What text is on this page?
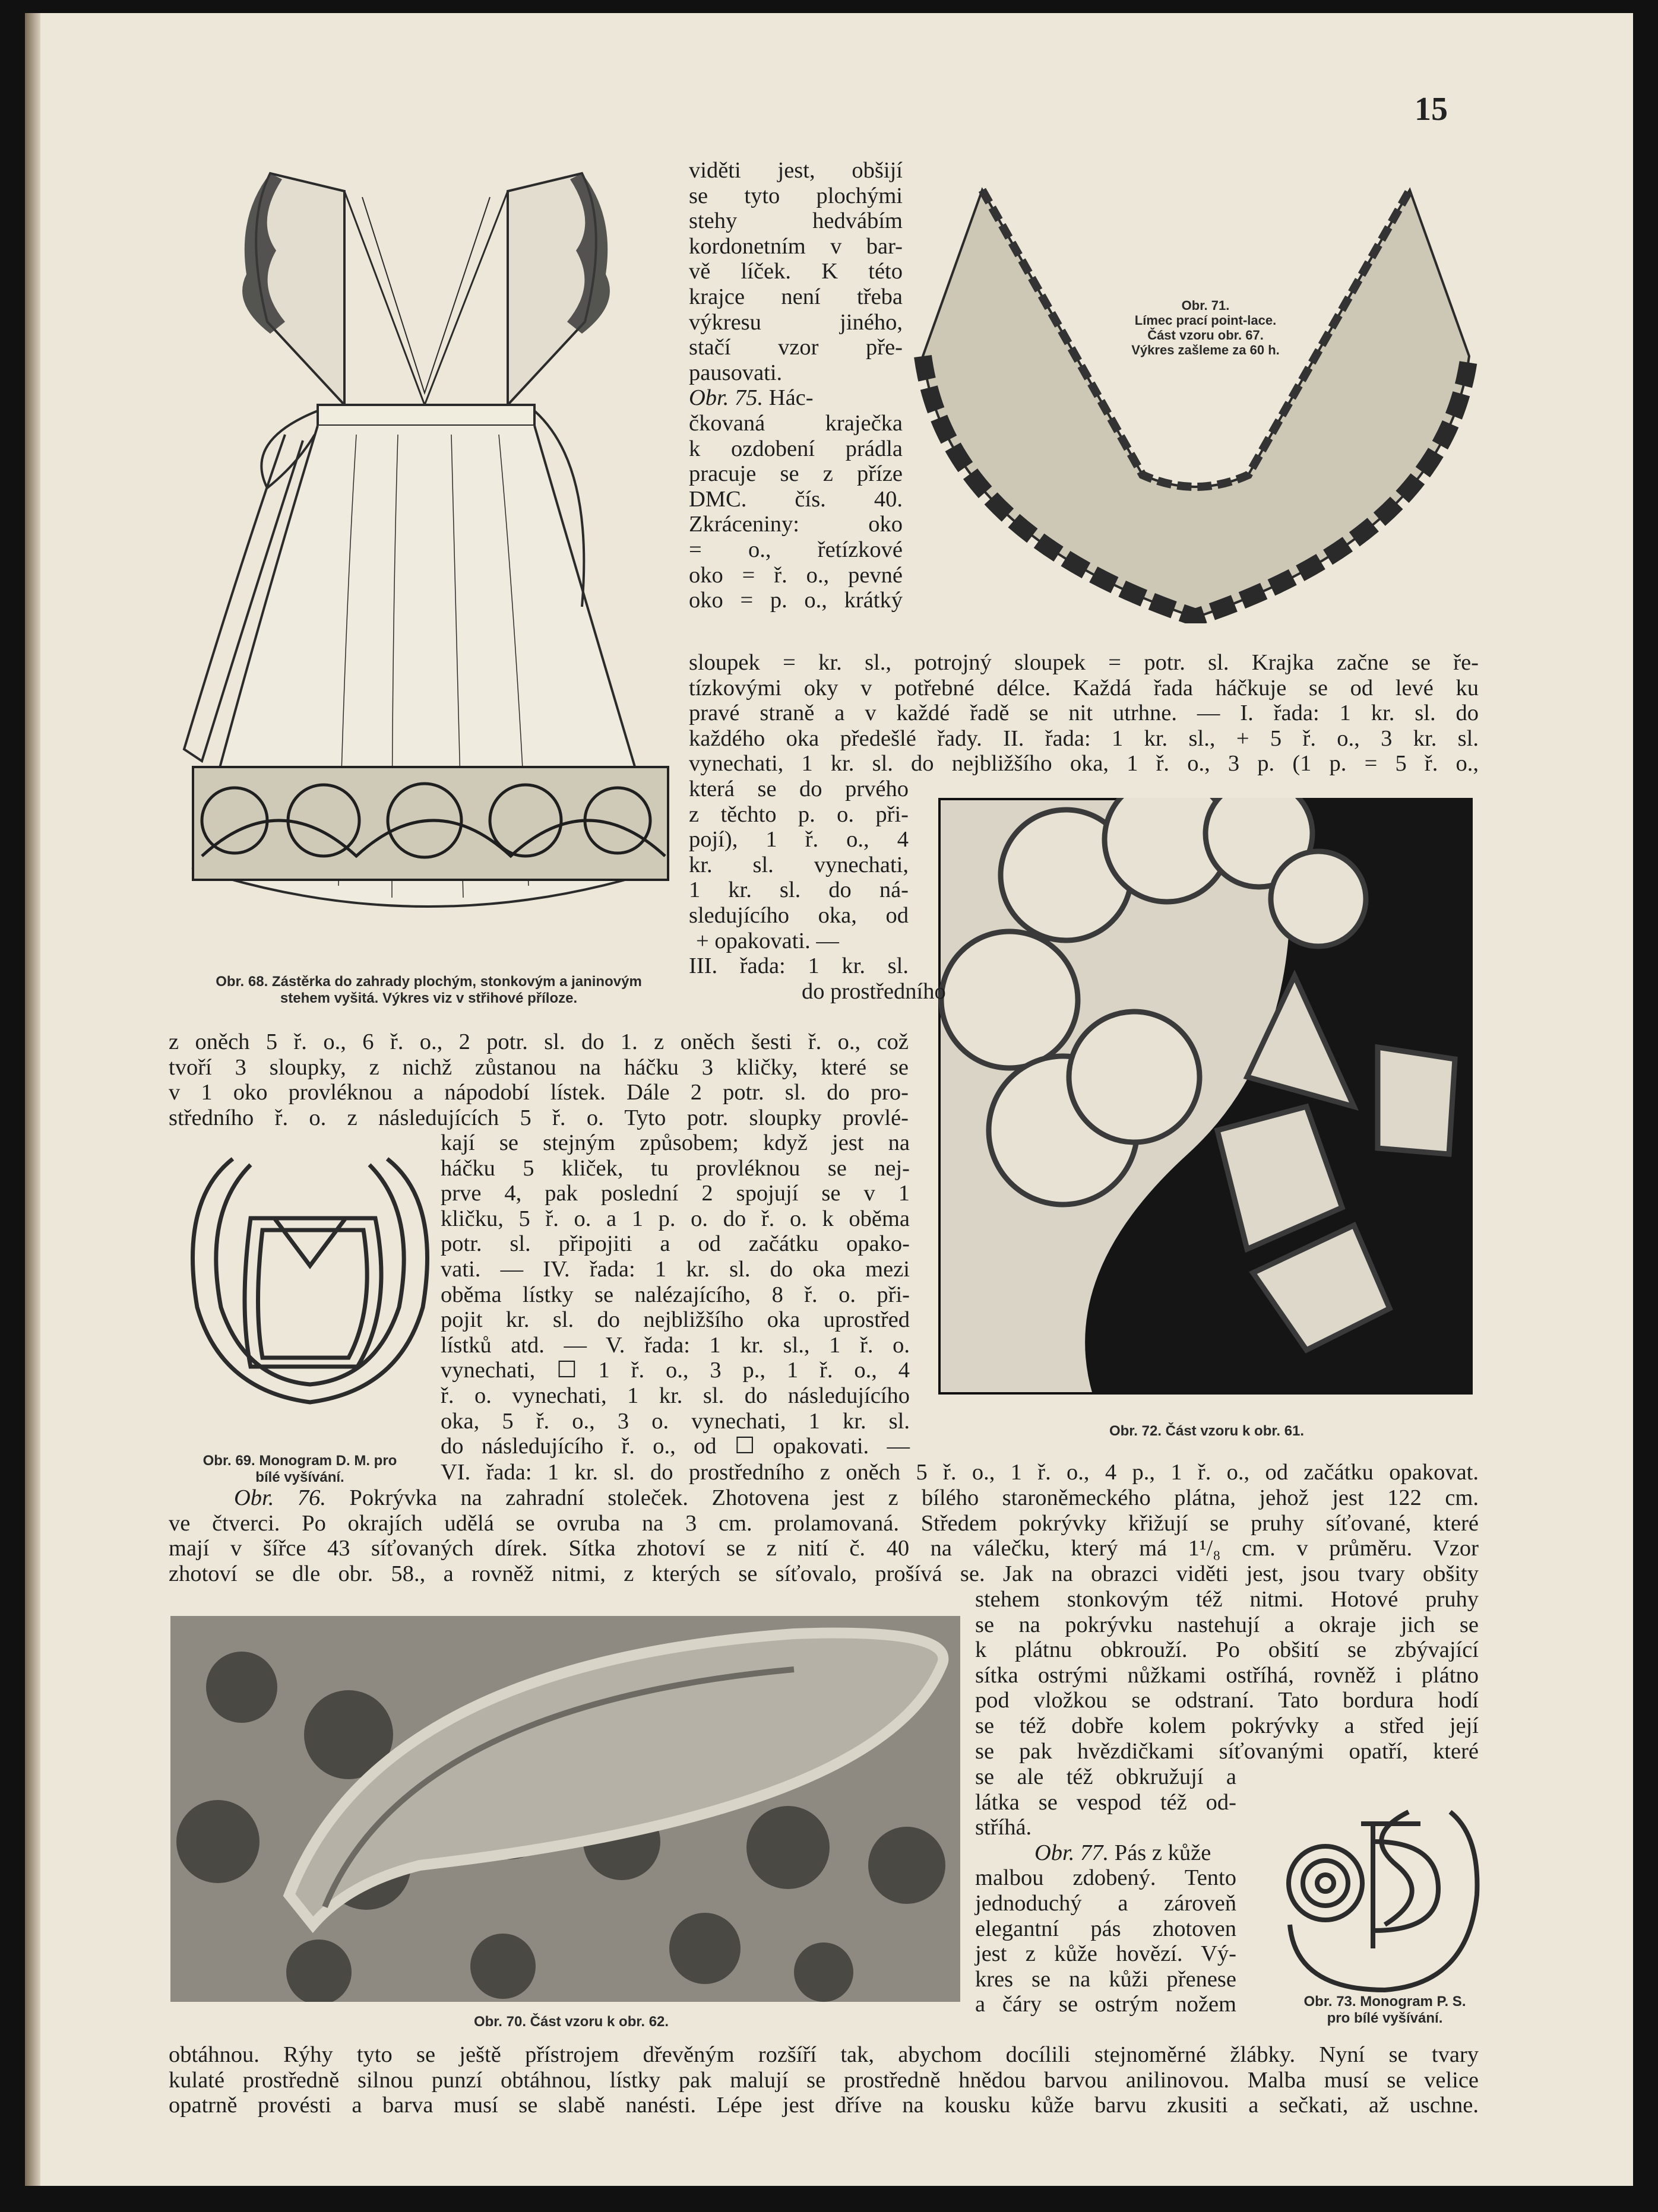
15
Obr. 68. Zástěrka do zahrady plochým, stonkovým a janinovým
stehem vyšitá. Výkres viz v střihové příloze.
Obr. 71.
Límec prací point-lace.
Část vzoru obr. 67.
Výkres zašleme za 60 h.
Obr. 72. Část vzoru k obr. 61.
Obr. 69. Monogram D. M. pro
bílé vyšívání.
Obr. 70. Část vzoru k obr. 62.
Obr. 73. Monogram P. S.
pro bílé vyšívání.
viděti jest, obšijí
se tyto plochými
stehy hedvábím
kordonetním v bar-
vě líček. K této
krajce není třeba
výkresu jiného,
stačí vzor pře-
pausovati.
Obr. 75. Hác-
čkovaná kraječka
k ozdobení prádla
pracuje se z příze
DMC. čís. 40.
Zkráceniny: oko
= o., řetízkové
oko = ř. o., pevné
oko = p. o., krátký
sloupek = kr. sl., potrojný sloupek = potr. sl. Krajka začne se ře-
tízkovými oky v potřebné délce. Každá řada háčkuje se od levé ku
pravé straně a v každé řadě se nit utrhne. — I. řada: 1 kr. sl. do
každého oka předešlé řady. II. řada: 1 kr. sl., + 5 ř. o., 3 kr. sl.
vynechati, 1 kr. sl. do nejbližšího oka, 1 ř. o., 3 p. (1 p. = 5 ř. o.,
která se do prvého
z těchto p. o. při-
pojí), 1 ř. o., 4
kr. sl. vynechati,
1 kr. sl. do ná-
sledujícího oka, od
+ opakovati. —
III. řada: 1 kr. sl.
do prostředního
z oněch 5 ř. o., 6 ř. o., 2 potr. sl. do 1. z oněch šesti ř. o., což
tvoří 3 sloupky, z nichž zůstanou na háčku 3 kličky, které se
v 1 oko provléknou a nápodobí lístek. Dále 2 potr. sl. do pro-
středního ř. o. z následujících 5 ř. o. Tyto potr. sloupky provlé-
kají se stejným způsobem; když jest na
háčku 5 kliček, tu provléknou se nej-
prve 4, pak poslední 2 spojují se v 1
kličku, 5 ř. o. a 1 p. o. do ř. o. k oběma
potr. sl. připojiti a od začátku opako-
vati. — IV. řada: 1 kr. sl. do oka mezi
oběma lístky se nalézajícího, 8 ř. o. při-
pojit kr. sl. do nejbližšího oka uprostřed
lístků atd. — V. řada: 1 kr. sl., 1 ř. o.
vynechati, ☐ 1 ř. o., 3 p., 1 ř. o., 4
ř. o. vynechati, 1 kr. sl. do následujícího
oka, 5 ř. o., 3 o. vynechati, 1 kr. sl.
do následujícího ř. o., od ☐ opakovati. —
VI. řada: 1 kr. sl. do prostředního z oněch 5 ř. o., 1 ř. o., 4 p., 1 ř. o., od začátku opakovat.
Obr. 76. Pokrývka na zahradní stoleček. Zhotovena jest z bílého staroněmeckého plátna, jehož jest 122 cm.
ve čtverci. Po okrajích udělá se ovruba na 3 cm. prolamovaná. Středem pokrývky křižují se pruhy síťované, které
mají v šířce 43 síťovaných dírek. Sítka zhotoví se z nití č. 40 na válečku, který má 1¹/₈ cm. v průměru. Vzor
zhotoví se dle obr. 58., a rovněž nitmi, z kterých se síťovalo, prošívá se. Jak na obrazci viděti jest, jsou tvary obšity
stehem stonkovým též nitmi. Hotové pruhy
se na pokrývku nastehují a okraje jich se
k plátnu obkrouží. Po obšití se zbývající
sítka ostrými nůžkami ostříhá, rovněž i plátno
pod vložkou se odstraní. Tato bordura hodí
se též dobře kolem pokrývky a střed její
se pak hvězdičkami síťovanými opatří, které
se ale též obkružují a
látka se vespod též od-
stříhá.
Obr. 77. Pás z kůže
malbou zdobený. Tento
jednoduchý a zároveň
elegantní pás zhotoven
jest z kůže hovězí. Vý-
kres se na kůži přenese
a čáry se ostrým nožem
obtáhnou. Rýhy tyto se ještě přístrojem dřevěným rozšíří tak, abychom docílili stejnoměrné žlábky. Nyní se tvary
kulaté prostředně silnou punzí obtáhnou, lístky pak malují se prostředně hnědou barvou anilinovou. Malba musí se velice
opatrně provésti a barva musí se slabě nanésti. Lépe jest dříve na kousku kůže barvu zkusiti a sečkati, až uschne.
